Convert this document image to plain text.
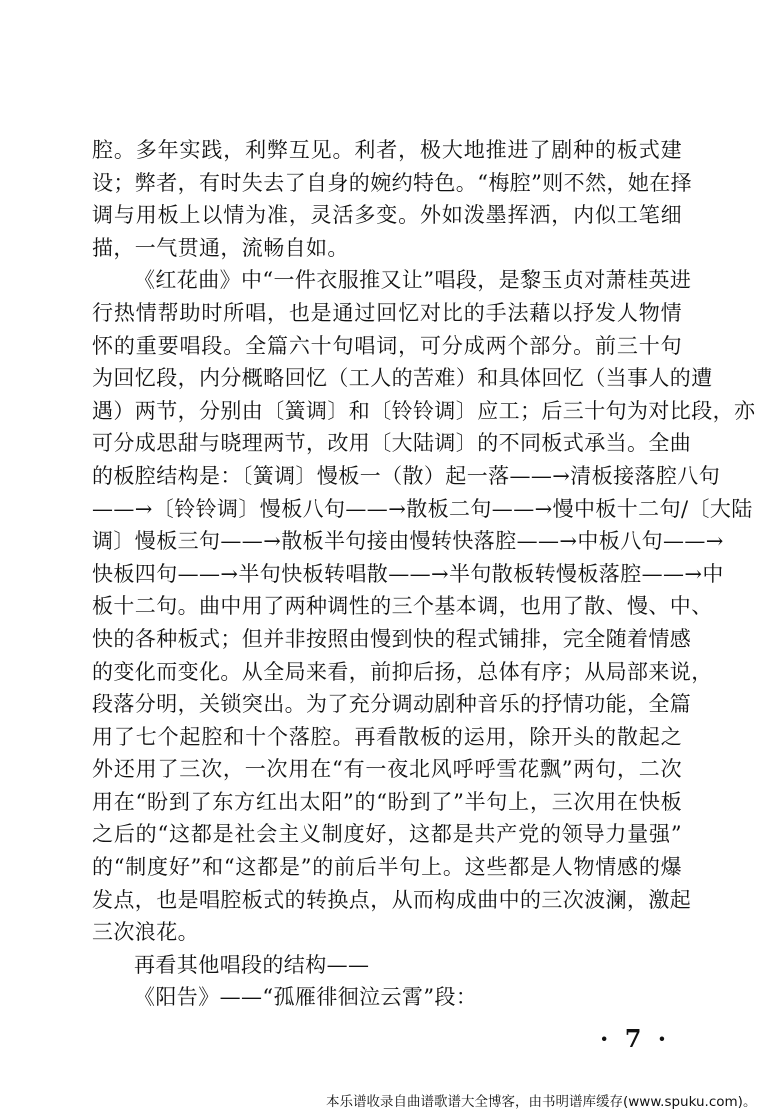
腔。多年实践，利弊互见。利者，极大地推进了剧种的板式建
设；弊者，有时失去了自身的婉约特色。“梅腔”则不然，她在择
调与用板上以情为准，灵活多变。外如泼墨挥洒，内似工笔细
描，一气贯通，流畅自如。
《红花曲》中“一件衣服推又让”唱段，是黎玉贞对萧桂英进
行热情帮助时所唱，也是通过回忆对比的手法藉以抒发人物情
怀的重要唱段。全篇六十句唱词，可分成两个部分。前三十句
为回忆段，内分概略回忆（工人的苦难）和具体回忆（当事人的遭
遇）两节，分别由〔簧调〕和〔铃铃调〕应工；后三十句为对比段，亦
可分成思甜与晓理两节，改用〔大陆调〕的不同板式承当。全曲
的板腔结构是：〔簧调〕慢板一（散）起一落——→清板接落腔八句
——→〔铃铃调〕慢板八句——→散板二句——→慢中板十二句/〔大陆
调〕慢板三句——→散板半句接由慢转快落腔——→中板八句——→
快板四句——→半句快板转唱散——→半句散板转慢板落腔——→中
板十二句。曲中用了两种调性的三个基本调，也用了散、慢、中、
快的各种板式；但并非按照由慢到快的程式铺排，完全随着情感
的变化而变化。从全局来看，前抑后扬，总体有序；从局部来说，
段落分明，关锁突出。为了充分调动剧种音乐的抒情功能，全篇
用了七个起腔和十个落腔。再看散板的运用，除开头的散起之
外还用了三次，一次用在“有一夜北风呼呼雪花飘”两句，二次
用在“盼到了东方红出太阳”的“盼到了”半句上，三次用在快板
之后的“这都是社会主义制度好，这都是共产党的领导力量强”
的“制度好”和“这都是”的前后半句上。这些都是人物情感的爆
发点，也是唱腔板式的转换点，从而构成曲中的三次波澜，激起
三次浪花。
再看其他唱段的结构——
《阳告》——“孤雁徘徊泣云霄”段：
· 7 ·
本乐谱收录自曲谱歌谱大全博客，由书明谱库缓存(www.spuku.com)。
